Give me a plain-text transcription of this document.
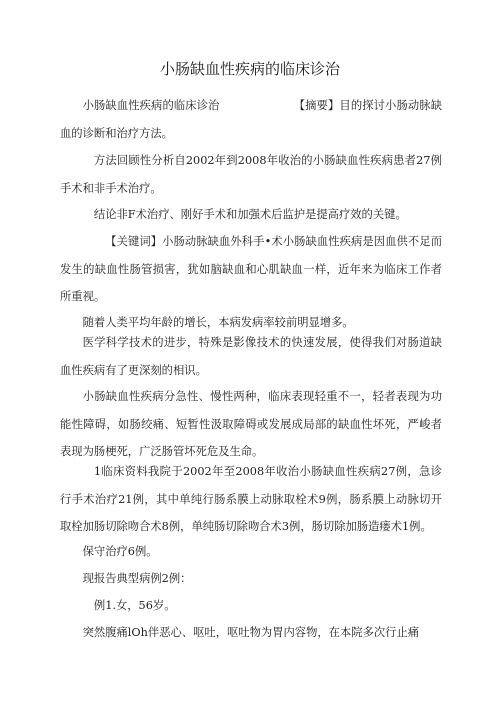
小肠缺血性疾病的临床诊治
小肠缺血性疾病的临床诊治　　　　　　　【摘要】目的探讨小肠动脉缺血的诊断和治疗方法。
方法回顾性分析自2002年到2008年收治的小肠缺血性疾病患者27例手术和非手术治疗。
结论非F术治疗、刚好手术和加强术后监护是提高疗效的关键。
【关键词】小肠动脉缺血外科手•术小肠缺血性疾病是因血供不足而发生的缺血性肠管损害，犹如脑缺血和心肌缺血一样，近年来为临床工作者所重视。
随着人类平均年龄的增长，本病发病率较前明显增多。
医学科学技术的进步，特殊是影像技术的快速发展，使得我们对肠道缺血性疾病有了更深刻的相识。
小肠缺血性疾病分急性、慢性两种，临床表现轻重不一，轻者表现为功能性障碍，如肠绞痛、短暂性汲取障碍或发展成局部的缺血性坏死，严峻者表现为肠梗死，广泛肠管坏死危及生命。
1临床资料我院于2002年至2008年收治小肠缺血性疾病27例，急诊行手术治疗21例，其中单纯行肠系膜上动脉取栓术9例，肠系膜上动脉切开取栓加肠切除吻合术8例，单纯肠切除吻合术3例，肠切除加肠造瘘术1例。
保守治疗6例。
现报告典型病例2例：
例1.女，56岁。
突然腹痛lOh伴恶心、呕吐，呕吐物为胃内容物，在本院多次行止痛
